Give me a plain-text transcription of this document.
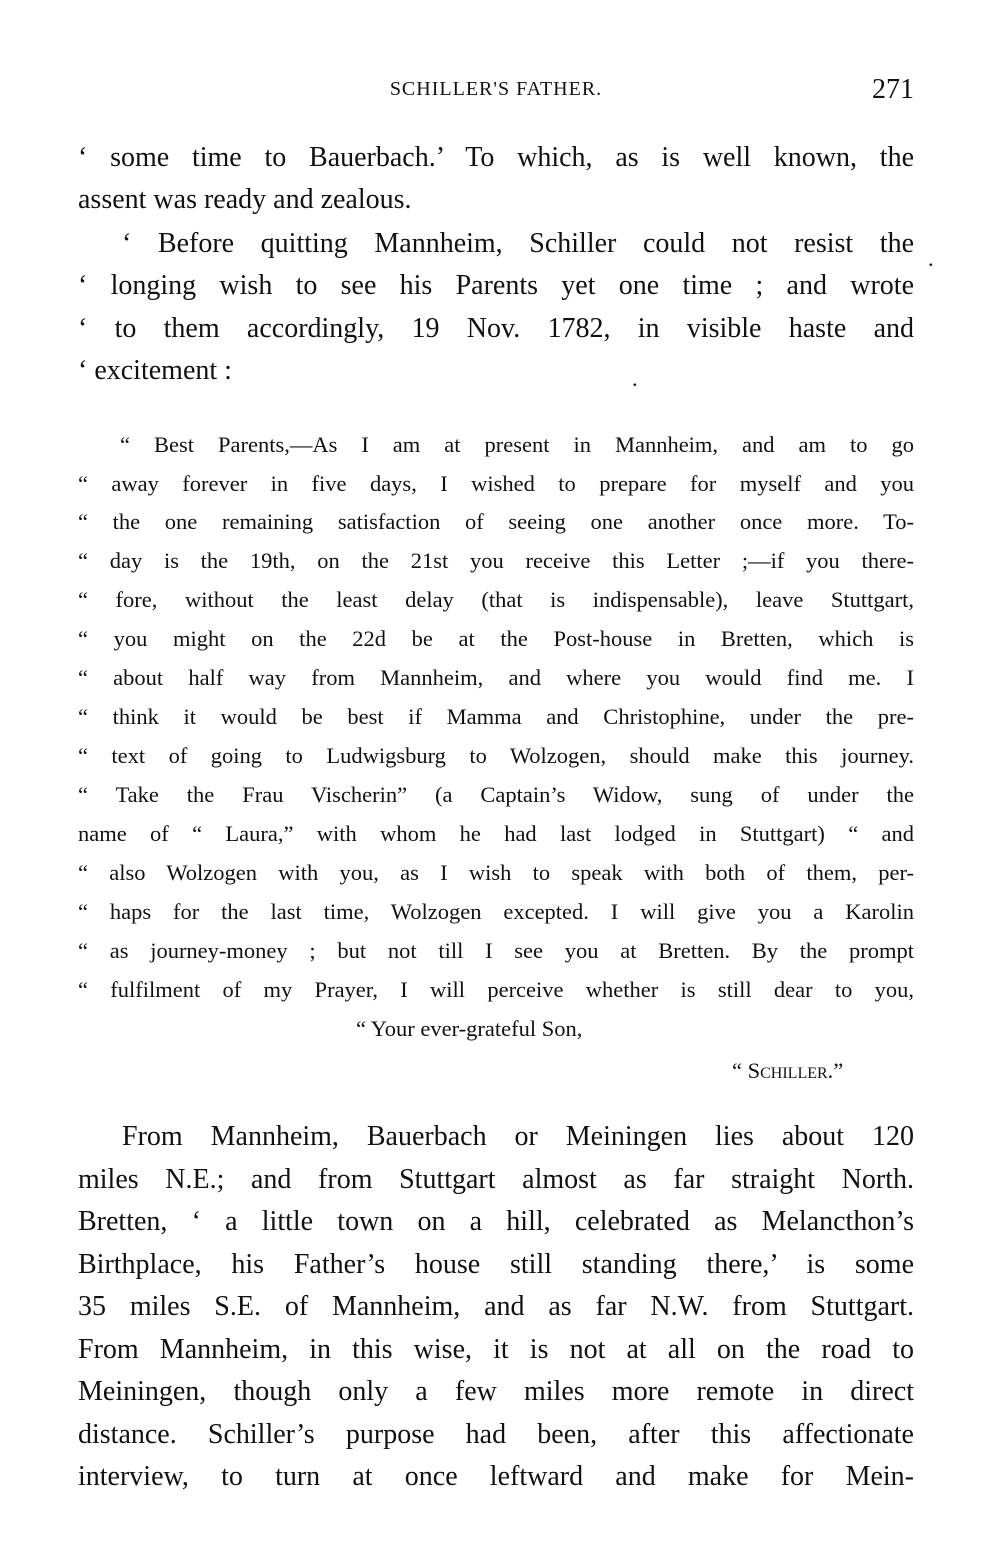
SCHILLER'S FATHER.	271
‘ some time to Bauerbach.’ To which, as is well known, the
assent was ready and zealous.
‘ Before quitting Mannheim, Schiller could not resist the
‘ longing wish to see his Parents yet one time ; and wrote
‘ to them accordingly, 19 Nov. 1782, in visible haste and
‘ excitement :
.
.
“ Best Parents,—As I am at present in Mannheim, and am to go
“ away forever in five days, I wished to prepare for myself and you
“ the one remaining satisfaction of seeing one another once more. To-
“ day is the 19th, on the 21st you receive this Letter ;—if you there-
“ fore, without the least delay (that is indispensable), leave Stuttgart,
“ you might on the 22d be at the Post-house in Bretten, which is
“ about half way from Mannheim, and where you would find me. I
“ think it would be best if Mamma and Christophine, under the pre-
“ text of going to Ludwigsburg to Wolzogen, should make this journey.
“ Take the Frau Vischerin” (a Captain’s Widow, sung of under the
name of “ Laura,” with whom he had last lodged in Stuttgart) “ and
“ also Wolzogen with you, as I wish to speak with both of them, per-
“ haps for the last time, Wolzogen excepted. I will give you a Karolin
“ as journey-money ; but not till I see you at Bretten. By the prompt
“ fulfilment of my Prayer, I will perceive whether is still dear to you,
“ Your ever-grateful Son,
“ Schiller.”
From Mannheim, Bauerbach or Meiningen lies about 120
miles N.E.; and from Stuttgart almost as far straight North.
Bretten, ‘ a little town on a hill, celebrated as Melancthon’s
Birthplace, his Father’s house still standing there,’ is some
35 miles S.E. of Mannheim, and as far N.W. from Stuttgart.
From Mannheim, in this wise, it is not at all on the road to
Meiningen, though only a few miles more remote in direct
distance. Schiller’s purpose had been, after this affectionate
interview, to turn at once leftward and make for Mein-
